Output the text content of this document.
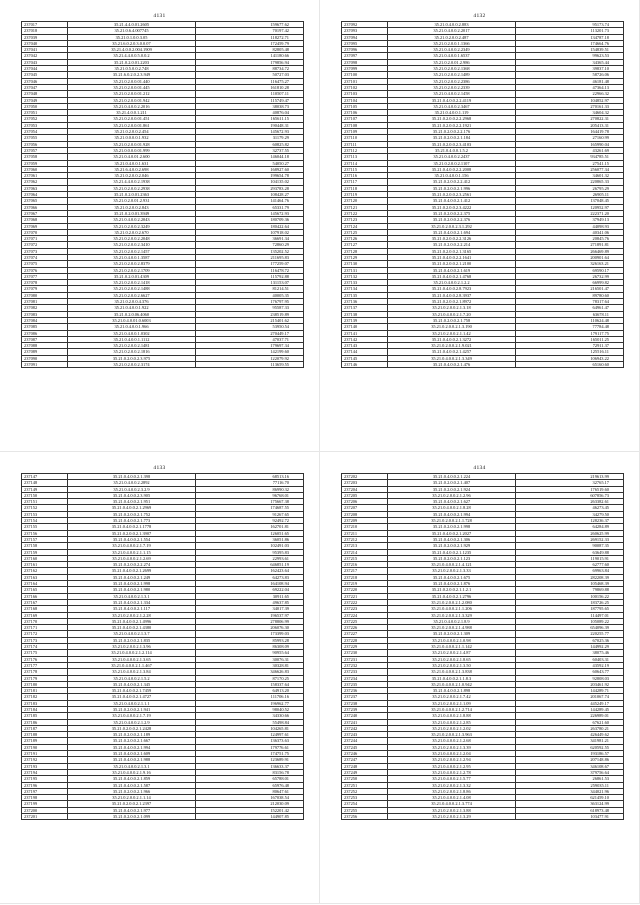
4131
237017	35.21.4.4.0.01.2605	159677.62
237018	35.21.0.6.4.007745	70197.42
237039	35.21.0.1.0.0.3.05	118272.71
237040	35.21.6.0.2.0.3.0.0.07	172459.79
237041	35.21.4.0.0.2.004.1909	82805.48
237042	35.21.4.4.0.0.5.0.0.2	141180.66
237043	35.21.0.2.0.01.2203	179856.94
237044	35.21.0.5.0.0.2.748	88734.72
237045	35.21.6.0.2.0.2.3.949	50727.03
237046	35.21.0.2.0.0.01.440	116475.27
237047	35.21.0.2.0.0.01.445	161810.28
237048	35.21.0.2.0.0.01.212	110507.11
237049	35.21.0.2.0.0.01.942	115749.47
237050	35.21.0.4.0.0.2.2016	38038.73
237051	35.21.4.0.0.1.211	40876.04
237052	35.21.0.2.0.0.01.451	165611.15
237053	35.21.0.2.0.0.01.861	190448.31
237054	35.21.0.2.0.0.2.454	145672.93
237055	35.21.0.0.0.0.1.932	31179.29
237056	35.21.0.2.0.0.01.928	60825.82
237057	35.21.0.0.0.0.01.999	32737.55
237058	35.21.0.4.0.01.2.600	146044.18
237059	35.21.0.4.0.0.1.631	54050.27
237060	35.21.6.4.0.0.2.698	168927.60
237061	35.21.0.2.0.0.2.046	199654.78
237062	35.21.4.4.0.0.2.1938	104135.02
237063	35.21.0.2.0.0.2.2938	293783.28
237064	35.21.0.2.0.01.2363	108428.27
237065	35.21.0.2.0.01.2.931	141464.76
237066	35.21.0.2.0.0.2.843	65331.79
237067	35.21.0.2.0.01.3949	145672.93
237068	35.21.0.4.0.0.2.2043	180709.36
237069	35.21.0.2.0.0.2.3249	180422.64
237070	35.21.0.2.0.0.2.670	107918.02
237071	35.21.0.2.0.0.2.2048	36691.34
237072	35.21.0.2.0.0.2.3410	72860.29
237073	35.21.0.2.0.0.2.1457	135202.52
237074	35.21.0.4.0.0.1.3587	211695.83
237075	35.21.0.2.0.0.2.8379	177259.07
237076	35.21.0.2.0.0.2.1709	116478.72
237077	35.21.0.2.0.01.4309	115792.88
237078	35.21.0.2.0.0.2.1418	131153.07
237079	35.21.0.2.0.0.2.1488	81214.51
237080	35.21.0.2.0.0.2.6627	40005.35
237081	35.21.0.2.0.0.4.376	176797.95
237082	35.21.0.4.0.0.1.922	95587.33
237083	35.21.0.2.0.06.4060	238519.89
237084	35.21.0.4.0.01.0.6003	215401.62
237085	35.21.0.4.0.0.1.966	53950.54
237086	35.21.0.4.0.0.1.0302	270449.17
237087	35.21.0.4.0.0.1.1112	47037.71
237088	35.21.0.2.0.0.2.1481	179697.34
237089	35.21.0.2.0.0.2.1816	142199.60
237090	35.21.0.2.0.0.2.3.975	122079.92
237091	35.21.0.2.0.0.2.3174	113659.55
4132
237092	35.21.0.4.0.0.2.883	95173.74
237093	35.21.0.4.0.0.2.2017	113201.73
237094	35.21.0.2.0.0.2.487	134787.18
237095	35.21.0.2.0.0.1.1366	174664.76
237096	35.21.0.4.0.0.2.2349	154839.51
237097	35.21.0.4.0.0.1.6537	99623.53
237098	35.21.0.2.0.01.2.986	34365.44
237099	35.21.0.2.0.0.2.1368	39837.10
237100	35.21.0.2.0.0.2.1489	58726.06
237101	35.21.0.2.0.0.2.2386	46181.48
237102	35.21.0.2.0.0.2.2339	47364.13
237103	35.21.0.4.0.0.2.1458	22966.32
237104	35.21.0.4.0.0.2.2.4119	104852.97
237105	35.21.0.4.0.0.2.3467	270161.33
237106	35.21.0.4.0.0.1.119	34604.32
237107	35.21.0.2.0.0.2.2.2968	270822.31
237108	35.21.0.2.0.0.2.2.1921	205413.31
237109	35.21.0.2.0.0.2.2.176	164419.78
237110	35.21.0.2.0.0.2.1.184	27160.99
237111	35.21.0.2.0.0.2.3.4103	165990.04
237112	35.21.0.4.0.0.1.5.2	43261.69
237113	35.21.0.4.0.0.2.2437	934785.51
237114	35.21.0.2.0.0.2.1107	27541.15
237115	35.21.0.4.0.0.2.2.2008	256077.34
237116	35.21.0.4.0.0.1.156	34601.32
237117	35.21.0.2.0.0.2.2.412	220865.33
237118	35.21.0.2.0.0.2.1.996	26795.29
237119	35.21.0.2.0.0.2.3.2561	26905.11
237120	35.21.0.4.0.0.2.1.412	137048.45
237121	35.21.0.2.0.0.2.3.4222	120952.97
237122	35.21.0.2.0.0.2.2.375	222371.20
237123	35.21.0.2.0.0.2.2.376	37949.13
237124	35.21.0.2.0.0.2.3.1.292	44098.93
237125	35.21.0.4.0.0.2.1.694	40341.06
237126	35.21.0.2.0.0.2.2.3126	20845.76
237127	35.21.0.2.0.0.2.2.214	271891.81
237128	35.21.0.2.0.0.2.1.3165	266469.89
237129	35.21.0.4.0.0.2.2.1641	200901.64
237130	35.21.0.2.0.0.2.1.2100	326163.21
237131	35.21.0.4.0.0.2.1.619	69590.17
237132	35.21.0.4.0.0.2.1.4768	26732.99
237133	35.21.0.4.0.0.2.1.2.2	66999.82
237134	35.21.0.4.0.0.2.8.7923	216501.47
237135	35.21.0.4.0.0.2.8.3937	89780.60
237136	35.21.0.2.0.0.2.1.8972	78317.64
237137	35.21.0.2.0.0.2.1.3.18	64961.47
237138	35.21.0.4.0.0.2.1.7.20	63678.11
237139	35.21.0.2.0.0.2.1.758	110624.48
237140	35.21.0.2.0.0.2.1.3.190	77784.48
237141	35.21.0.2.0.0.2.1.1.42	179117.75
237142	35.21.0.4.0.0.2.1.3272	165011.25
237143	35.21.0.2.0.0.2.1.9.021	72911.37
237144	35.21.0.4.0.0.2.1.4257	125516.11
237145	35.21.0.4.0.0.2.1.3.349	106943.22
237146	35.21.0.4.0.0.2.1.476	65160.60
4133
237147	35.21.0.4.0.0.2.1.398	68513.16
237148	35.21.0.4.0.0.2.2892	77116.70
237149	35.21.0.4.0.0.2.3.2.9	86990.32
237150	35.21.0.4.0.0.2.3.905	96768.01
237151	35.21.0.4.0.0.2.1.951	175667.38
237152	35.21.0.4.0.0.2.1.2969	174687.55
237153	35.21.0.2.0.0.2.1.752	91267.65
237154	35.21.0.4.0.0.2.1.773	92492.72
237155	35.21.0.4.0.0.2.1.1778	162701.81
237156	35.21.0.2.0.0.2.1.3907	126051.65
237157	35.21.0.4.0.0.2.1.554	36051.86
237158	35.21.0.4.0.0.2.1.7.19	102491.03
237159	35.21.0.4.0.0.2.1.1.15	95395.83
237160	35.21.0.4.0.0.2.1.2.69	22993.61
237161	35.21.0.2.0.0.2.2.274	646851.19
237162	35.21.0.4.0.0.2.1.2699	162423.64
237163	35.21.0.4.0.0.2.1.249	64273.83
237164	35.21.0.4.0.0.2.1.998	164108.94
237165	35.21.0.4.0.0.2.1.980	69222.04
237166	35.21.0.4.0.0.2.1.3.1	30911.65
237167	35.21.0.4.0.0.2.1.334	49637.85
237168	35.21.0.4.0.0.2.1.117	34017.39
237169	35.21.0.2.0.0.2.1.2.28	196537.97
237170	35.21.0.4.0.0.2.1.4996	278806.99
237171	35.21.0.4.0.0.2.1.4380	206076.30
237172	35.21.0.4.0.0.2.1.3.7	173399.03
237173	35.21.0.2.0.0.2.1.835	85993.28
237174	35.21.0.2.0.0.2.1.3.96	86308.09
237175	35.21.0.4.0.0.2.1.2.114	90955.64
237176	35.21.0.4.0.0.2.1.3.65	30076.31
237177	35.21.0.4.0.0.2.1.1.467	30328.81
237178	35.21.0.4.0.0.2.1.3.84	346626.83
237179	35.21.0.4.0.0.2.1.5.2	87170.25
237180	35.21.0.4.0.0.2.1.345	158337.64
237181	35.21.0.4.0.0.2.1.7459	64913.20
237182	35.21.0.4.0.0.2.1.4727	111706.16
237183	35.21.0.4.0.0.2.1.1.1	196962.77
237184	35.21.0.2.0.0.2.1.941	98040.52
237185	35.21.0.4.0.0.2.1.7.19	34330.66
237186	35.21.0.4.0.0.2.1.2.9	55498.84
237187	35.21.0.2.0.0.2.1.2428	104265.81
237188	35.21.0.2.0.0.2.1.189	124997.61
237189	35.21.0.2.0.0.2.1.667	136373.63
237190	35.21.0.4.0.0.2.1.994	179776.61
237191	35.21.0.4.0.0.2.1.609	174751.75
237192	35.21.0.4.0.0.2.1.988	123689.91
237193	35.21.0.4.0.0.2.1.3.1	136633.37
237194	35.21.0.4.0.0.2.1.9.16	83156.78
237195	35.21.0.4.0.0.2.1.859	65788.01
237196	35.21.0.4.0.0.2.1.587	65976.48
237197	35.21.0.2.0.0.2.1.966	80647.61
237198	35.21.0.2.0.0.2.1.1.14	167038.54
237199	35.21.0.2.0.0.2.1.2397	212030.09
237200	35.21.0.4.0.0.2.1.977	152201.42
237201	35.21.0.2.0.0.2.1.099	144907.85
4134
237202	35.21.0.4.0.0.2.1.224	219613.99
237203	35.21.0.2.0.0.2.1.407	32765.17
237204	35.21.0.2.0.0.2.1.924	176519.60
237205	35.21.0.2.0.0.2.1.2.96	607856.73
237206	35.21.0.4.0.0.2.1.627	263382.61
237207	35.21.0.4.0.0.2.1.8.28	46273.45
237208	35.21.0.4.0.0.2.1.994	34279.50
237209	35.21.0.2.0.0.2.1.1.728	128236.37
237210	35.21.0.2.0.0.2.1.998	64284.89
237211	35.21.0.4.0.0.2.1.2027	260625.99
237212	35.21.0.4.0.0.2.1.306	269152.33
237213	35.21.0.2.0.0.2.1.929	90087.35
237214	35.21.0.4.0.0.2.1.1235	63649.88
237215	35.21.0.2.0.0.2.1.123	119015.91
237216	35.21.0.4.0.0.2.1.4.121	62777.60
237217	35.21.0.2.0.0.2.1.3.33	69963.84
237218	35.21.0.4.0.0.2.1.675	282208.39
237219	35.21.0.4.0.0.2.1.876	105468.39
237220	35.21.0.2.0.0.2.1.1.2.1	79869.88
237221	35.21.0.4.0.0.2.1.2796	100156.22
237222	35.21.0.2.0.0.2.1.2.080	183726.25
237223	35.21.0.4.0.0.2.1.1.206	187795.65
237224	35.21.0.2.0.0.2.1.3.329	114497.01
237225	35.21.0.4.0.0.2.1.8.9	105089.22
237226	35.21.0.2.0.0.2.1.4.988	654096.39
237227	35.21.0.2.0.0.2.1.309	220255.77
237228	35.21.0.4.0.0.2.1.0.98	67025.36
237229	35.21.0.4.0.0.2.1.1.142	144992.29
237230	35.21.0.2.0.0.2.1.4.87	38075.46
237231	35.21.0.2.0.0.2.1.8.65	60403.31
237232	35.21.0.2.0.0.2.1.3.50	43592.19
237233	35.21.0.4.0.0.2.1.3.838	60643.77
237234	35.21.0.4.0.0.2.1.1.8.3	92808.03
237235	35.21.0.4.0.0.2.1.0.942	203461.92
237236	35.21.0.4.0.0.2.1.898	144289.71
237237	35.21.0.2.0.0.2.1.7.42	201067.74
237238	35.21.0.2.0.0.2.1.1.09	445249.17
237239	35.21.0.4.0.0.2.1.2.714	144289.45
237240	35.21.0.4.0.0.2.1.8.88	226989.01
237241	35.21.0.4.0.0.2.1.2.85	67621.60
237242	35.21.0.2.0.0.2.1.2.02	263780.21
237243	35.21.0.2.0.0.2.1.3.963	426449.62
237244	35.21.0.4.0.0.2.1.2.68	341981.21
237245	35.21.0.2.0.0.2.1.3.39	620592.55
237246	35.21.0.4.0.0.2.1.2.04	193186.57
237247	35.21.0.2.0.0.2.1.2.94	207148.86
237248	35.21.0.4.0.0.2.1.2.95	346108.67
237249	35.21.0.4.0.0.2.1.2.78	379756.64
237250	35.21.0.4.0.0.2.1.5.77	26861.53
237251	35.21.0.2.0.0.2.1.3.32	259035.11
237252	35.21.0.2.0.0.2.1.8.86	344021.96
237253	35.21.0.4.0.0.2.1.4.08	621459.10
237254	35.21.0.4.0.0.2.1.3.774	363124.99
237255	35.21.0.2.0.0.2.1.3.88	618973.48
237256	35.21.0.2.0.0.2.1.3.29	103477.91
